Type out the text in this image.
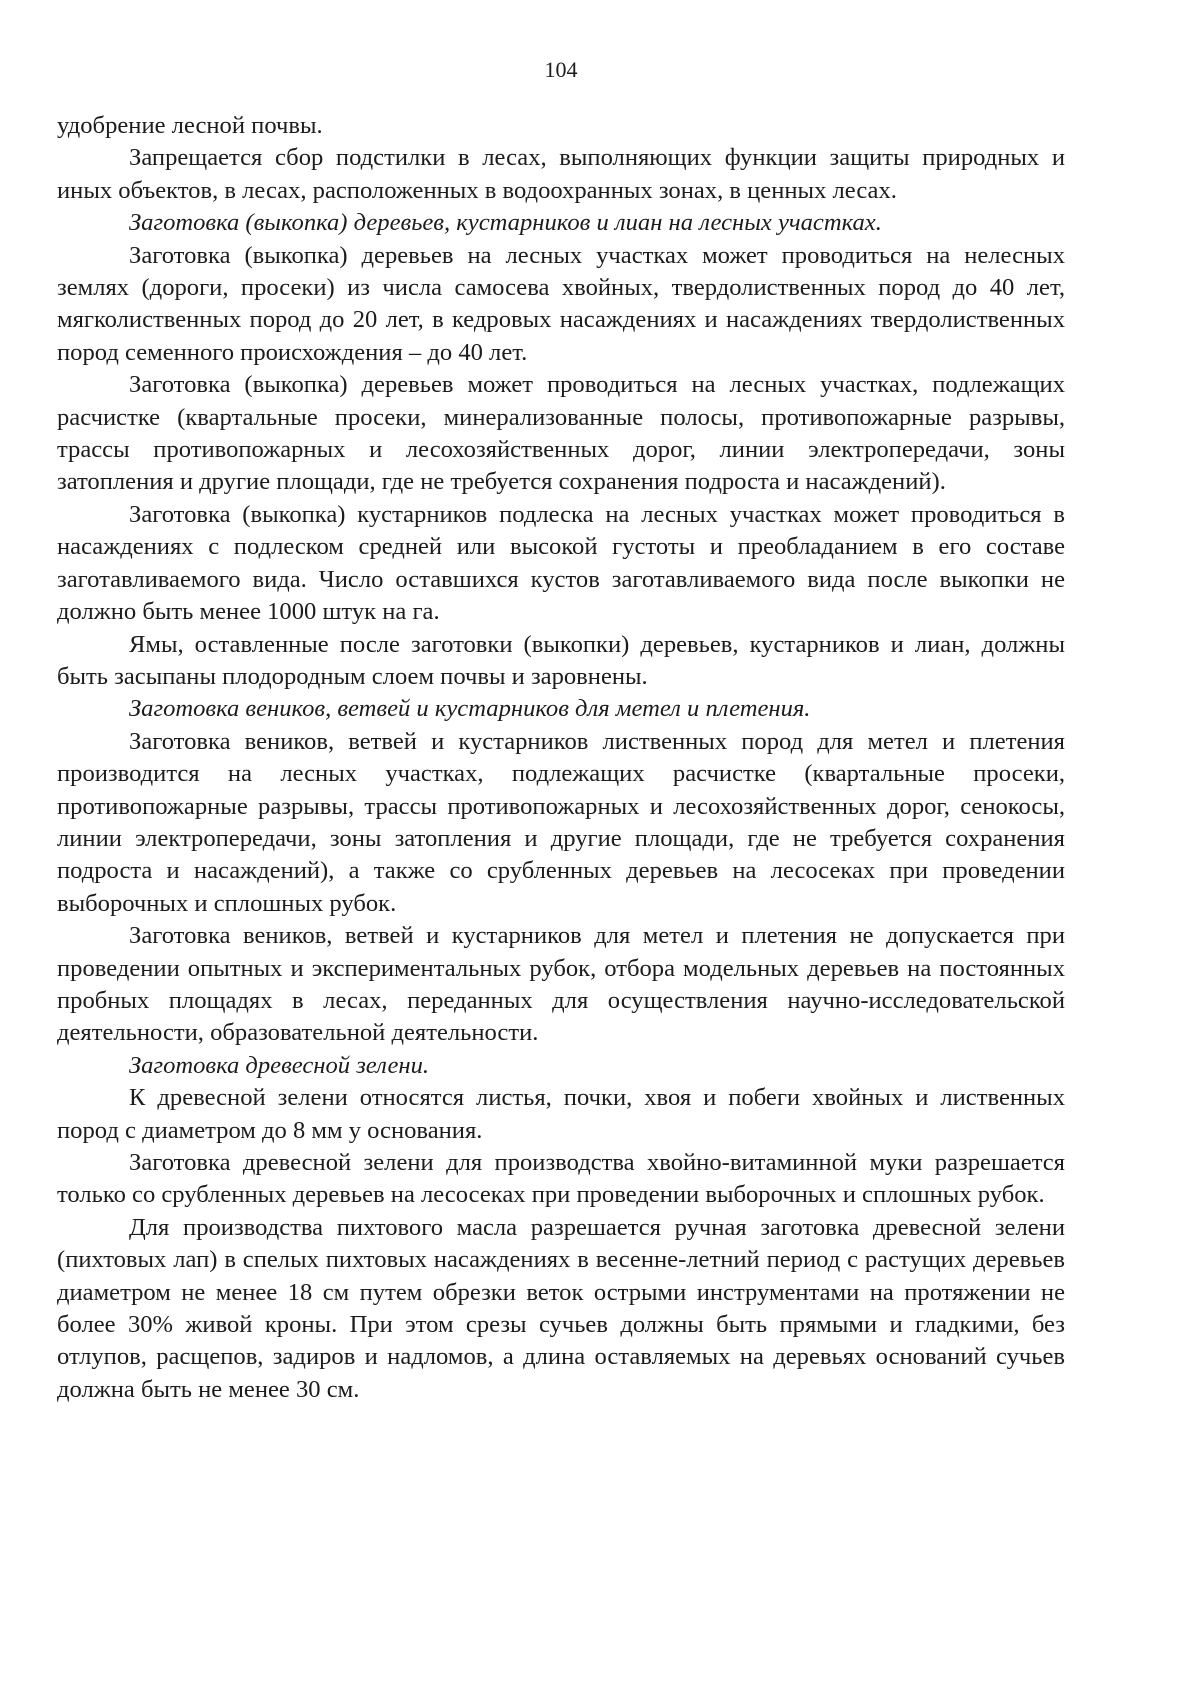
104

удобрение лесной почвы.

Запрещается сбор подстилки в лесах, выполняющих функции защиты природных и иных объектов, в лесах, расположенных в водоохранных зонах, в ценных лесах.

Заготовка (выкопка) деревьев, кустарников и лиан на лесных участках.

Заготовка (выкопка) деревьев на лесных участках может проводиться на нелесных землях (дороги, просеки) из числа самосева хвойных, твердолиственных пород до 40 лет, мягколиственных пород до 20 лет, в кедровых насаждениях и насаждениях твердолиственных пород семенного происхождения – до 40 лет.

Заготовка (выкопка) деревьев может проводиться на лесных участках, подлежащих расчистке (квартальные просеки, минерализованные полосы, противопожарные разрывы, трассы противопожарных и лесохозяйственных дорог, линии электропередачи, зоны затопления и другие площади, где не требуется сохранения подроста и насаждений).

Заготовка (выкопка) кустарников подлеска на лесных участках может проводиться в насаждениях с подлеском средней или высокой густоты и преобладанием в его составе заготавливаемого вида. Число оставшихся кустов заготавливаемого вида после выкопки не должно быть менее 1000 штук на га.

Ямы, оставленные после заготовки (выкопки) деревьев, кустарников и лиан, должны быть засыпаны плодородным слоем почвы и заровнены.

Заготовка веников, ветвей и кустарников для метел и плетения.

Заготовка веников, ветвей и кустарников лиственных пород для метел и плетения производится на лесных участках, подлежащих расчистке (квартальные просеки, противопожарные разрывы, трассы противопожарных и лесохозяйственных дорог, сенокосы, линии электропередачи, зоны затопления и другие площади, где не требуется сохранения подроста и насаждений), а также со срубленных деревьев на лесосеках при проведении выборочных и сплошных рубок.

Заготовка веников, ветвей и кустарников для метел и плетения не допускается при проведении опытных и экспериментальных рубок, отбора модельных деревьев на постоянных пробных площадях в лесах, переданных для осуществления научно-исследовательской деятельности, образовательной деятельности.

Заготовка древесной зелени.

К древесной зелени относятся листья, почки, хвоя и побеги хвойных и лиственных пород с диаметром до 8 мм у основания.

Заготовка древесной зелени для производства хвойно-витаминной муки разрешается только со срубленных деревьев на лесосеках при проведении выборочных и сплошных рубок.

Для производства пихтового масла разрешается ручная заготовка древесной зелени (пихтовых лап) в спелых пихтовых насаждениях в весенне-летний период с растущих деревьев диаметром не менее 18 см путем обрезки веток острыми инструментами на протяжении не более 30% живой кроны. При этом срезы сучьев должны быть прямыми и гладкими, без отлупов, расщепов, задиров и надломов, а длина оставляемых на деревьях оснований сучьев должна быть не менее 30 см.
